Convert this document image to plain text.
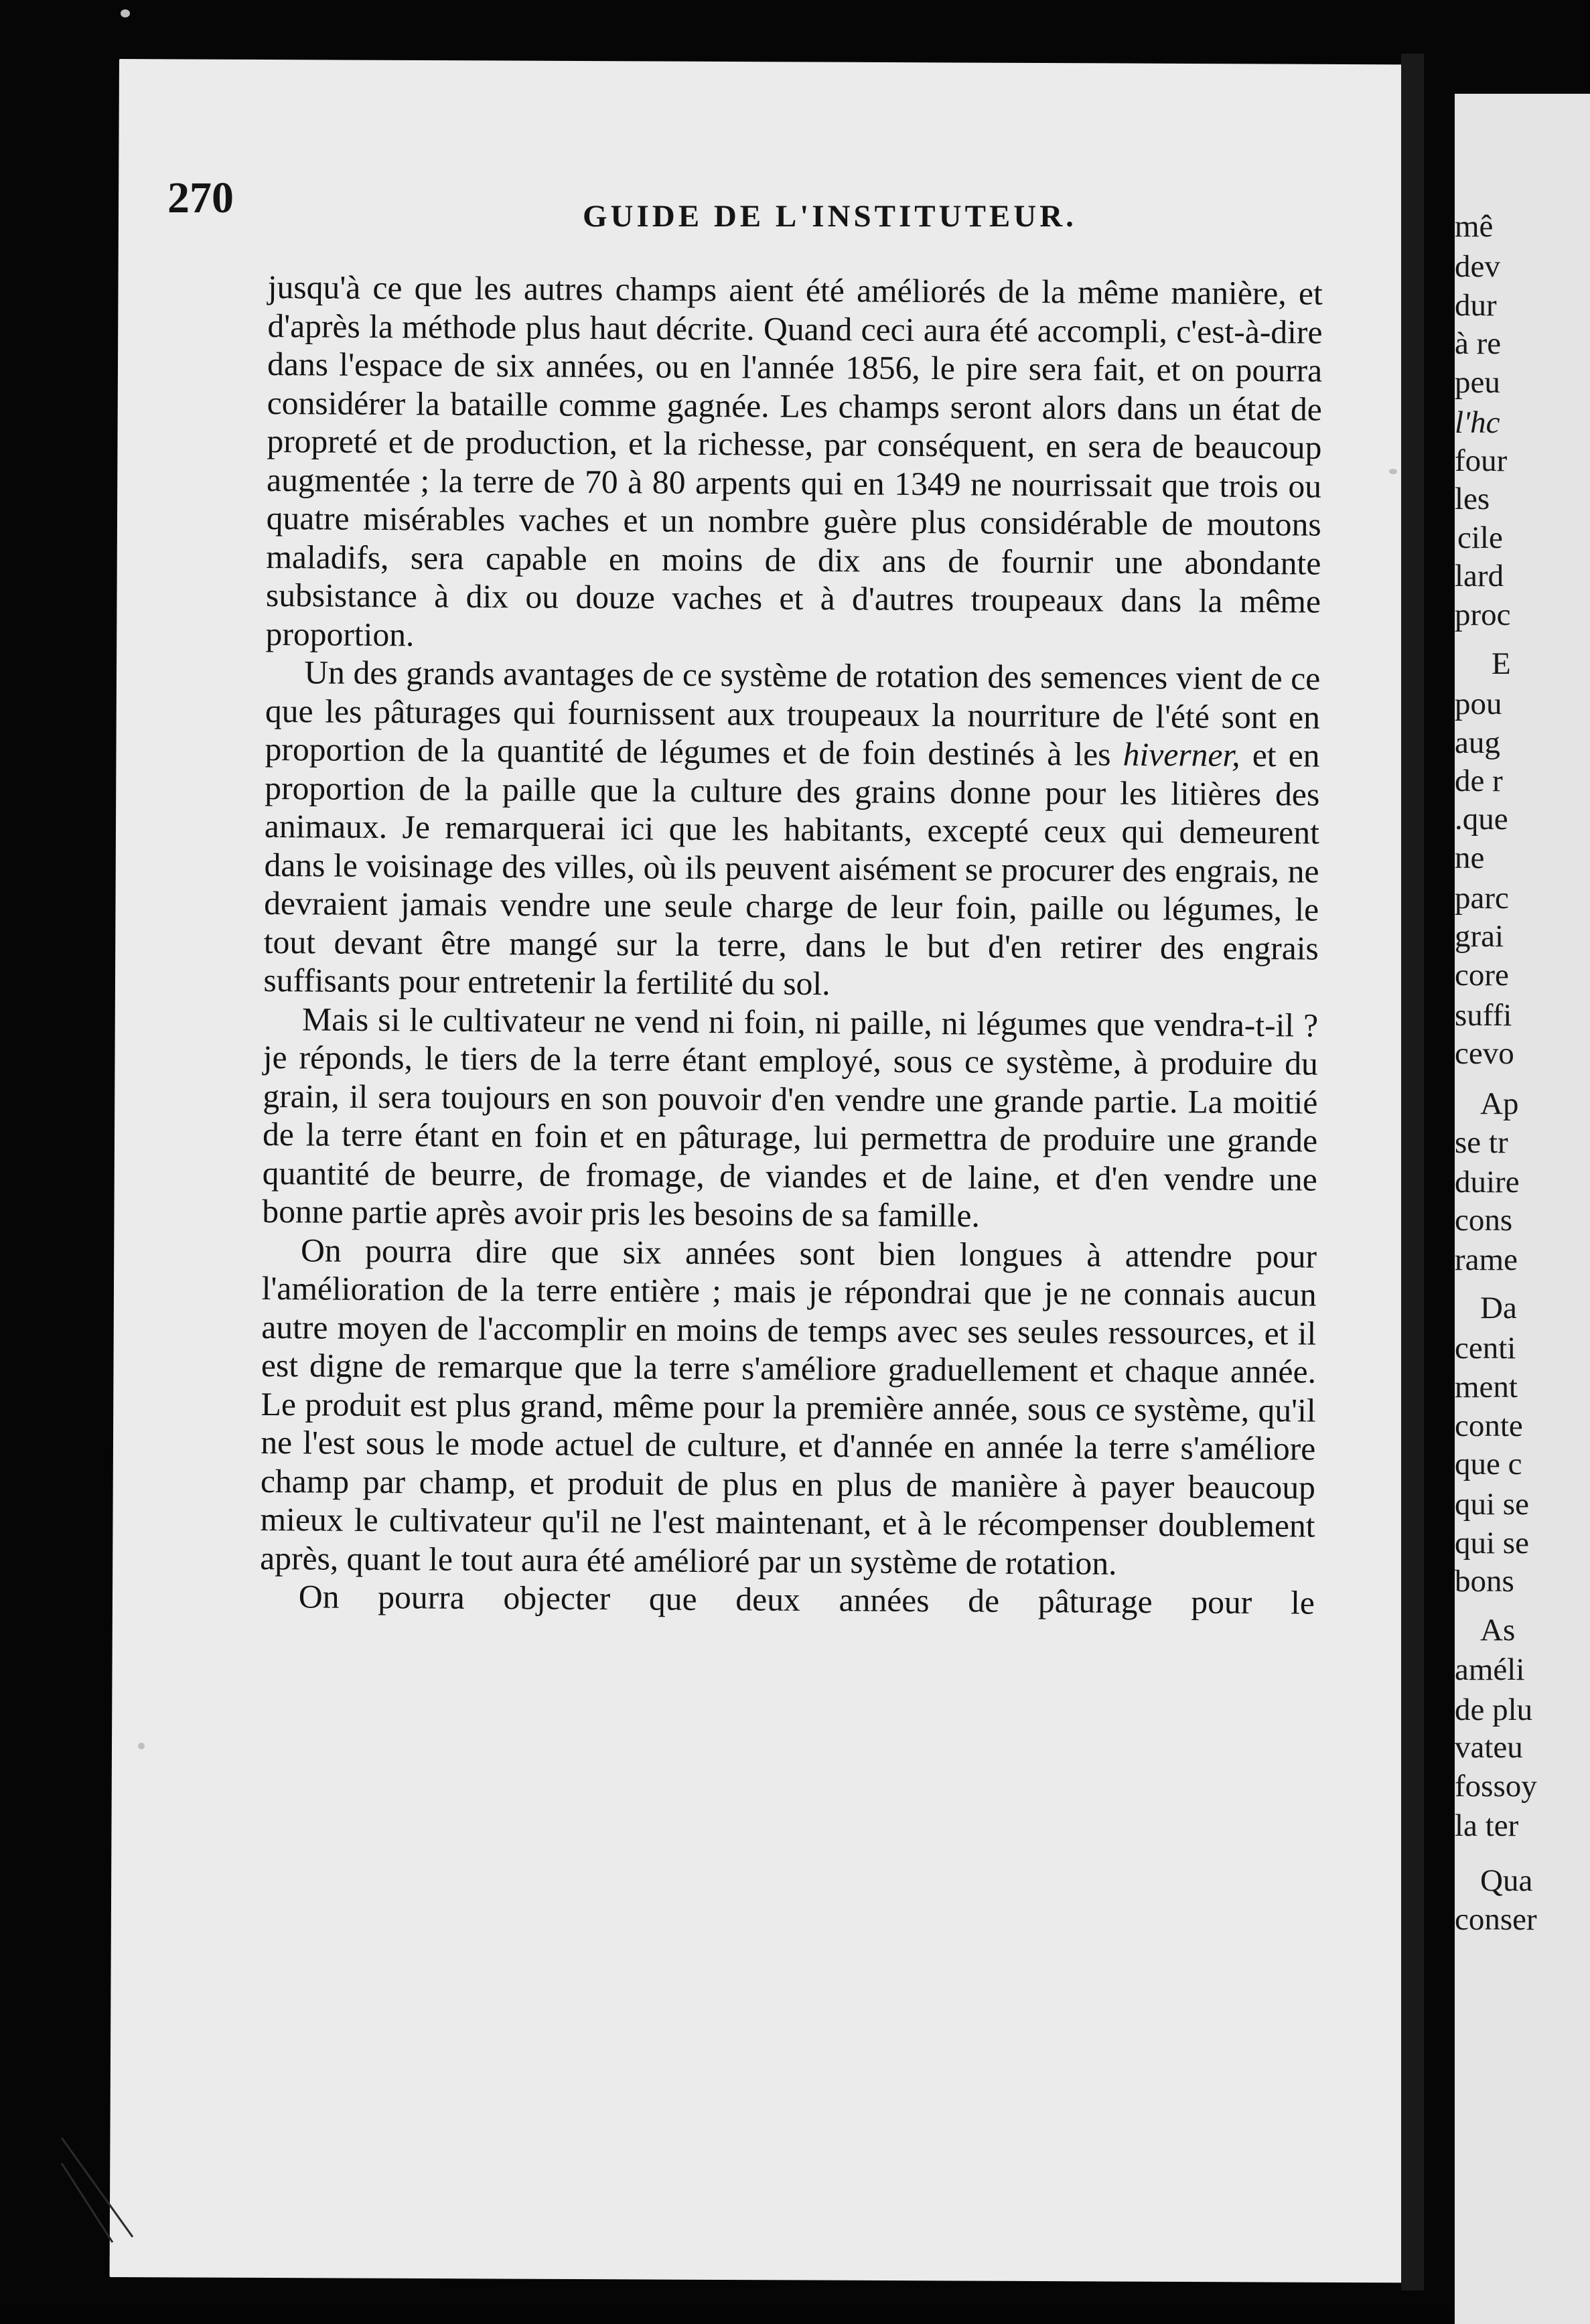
mê
dev
dur
à re
peu
l'hc
four
les
cile
lard
proc
E
pou
aug
de r
.que
ne
parc
grai
core
suffi
cevo
Ap
se tr
duire
cons
rame
Da
centi
ment
conte
que c
qui se
qui se
bons
As
améli
de plu
vateu
fossoy
la ter
Qua
conser
270	GUIDE DE L'INSTITUTEUR.

jusqu'à ce que les autres champs aient été améliorés de la même manière, et d'après la méthode plus haut décrite. Quand ceci aura été accompli, c'est-à-dire dans l'espace de six années, ou en l'année 1856, le pire sera fait, et on pourra considérer la bataille comme gagnée. Les champs seront alors dans un état de propreté et de production, et la richesse, par conséquent, en sera de beaucoup augmentée ; la terre de 70 à 80 arpents qui en 1349 ne nourrissait que trois ou quatre misérables vaches et un nombre guère plus considérable de moutons maladifs, sera capable en moins de dix ans de fournir une abondante subsistance à dix ou douze vaches et à d'autres troupeaux dans la même proportion.

Un des grands avantages de ce système de rotation des semences vient de ce que les pâturages qui fournissent aux troupeaux la nourriture de l'été sont en proportion de la quantité de légumes et de foin destinés à les hiverner, et en proportion de la paille que la culture des grains donne pour les litières des animaux. Je remarquerai ici que les habitants, excepté ceux qui demeurent dans le voisinage des villes, où ils peuvent aisément se procurer des engrais, ne devraient jamais vendre une seule charge de leur foin, paille ou légumes, le tout devant être mangé sur la terre, dans le but d'en retirer des engrais suffisants pour entretenir la fertilité du sol.

Mais si le cultivateur ne vend ni foin, ni paille, ni légumes que vendra-t-il ? je réponds, le tiers de la terre étant employé, sous ce système, à produire du grain, il sera toujours en son pouvoir d'en vendre une grande partie. La moitié de la terre étant en foin et en pâturage, lui permettra de produire une grande quantité de beurre, de fromage, de viandes et de laine, et d'en vendre une bonne partie après avoir pris les besoins de sa famille.

On pourra dire que six années sont bien longues à attendre pour l'amélioration de la terre entière ; mais je répondrai que je ne connais aucun autre moyen de l'accomplir en moins de temps avec ses seules ressources, et il est digne de remarque que la terre s'améliore graduellement et chaque année. Le produit est plus grand, même pour la première année, sous ce système, qu'il ne l'est sous le mode actuel de culture, et d'année en année la terre s'améliore champ par champ, et produit de plus en plus de manière à payer beaucoup mieux le cultivateur qu'il ne l'est maintenant, et à le récompenser doublement après, quant le tout aura été amélioré par un système de rotation.

On pourra objecter que deux années de pâturage pour le
